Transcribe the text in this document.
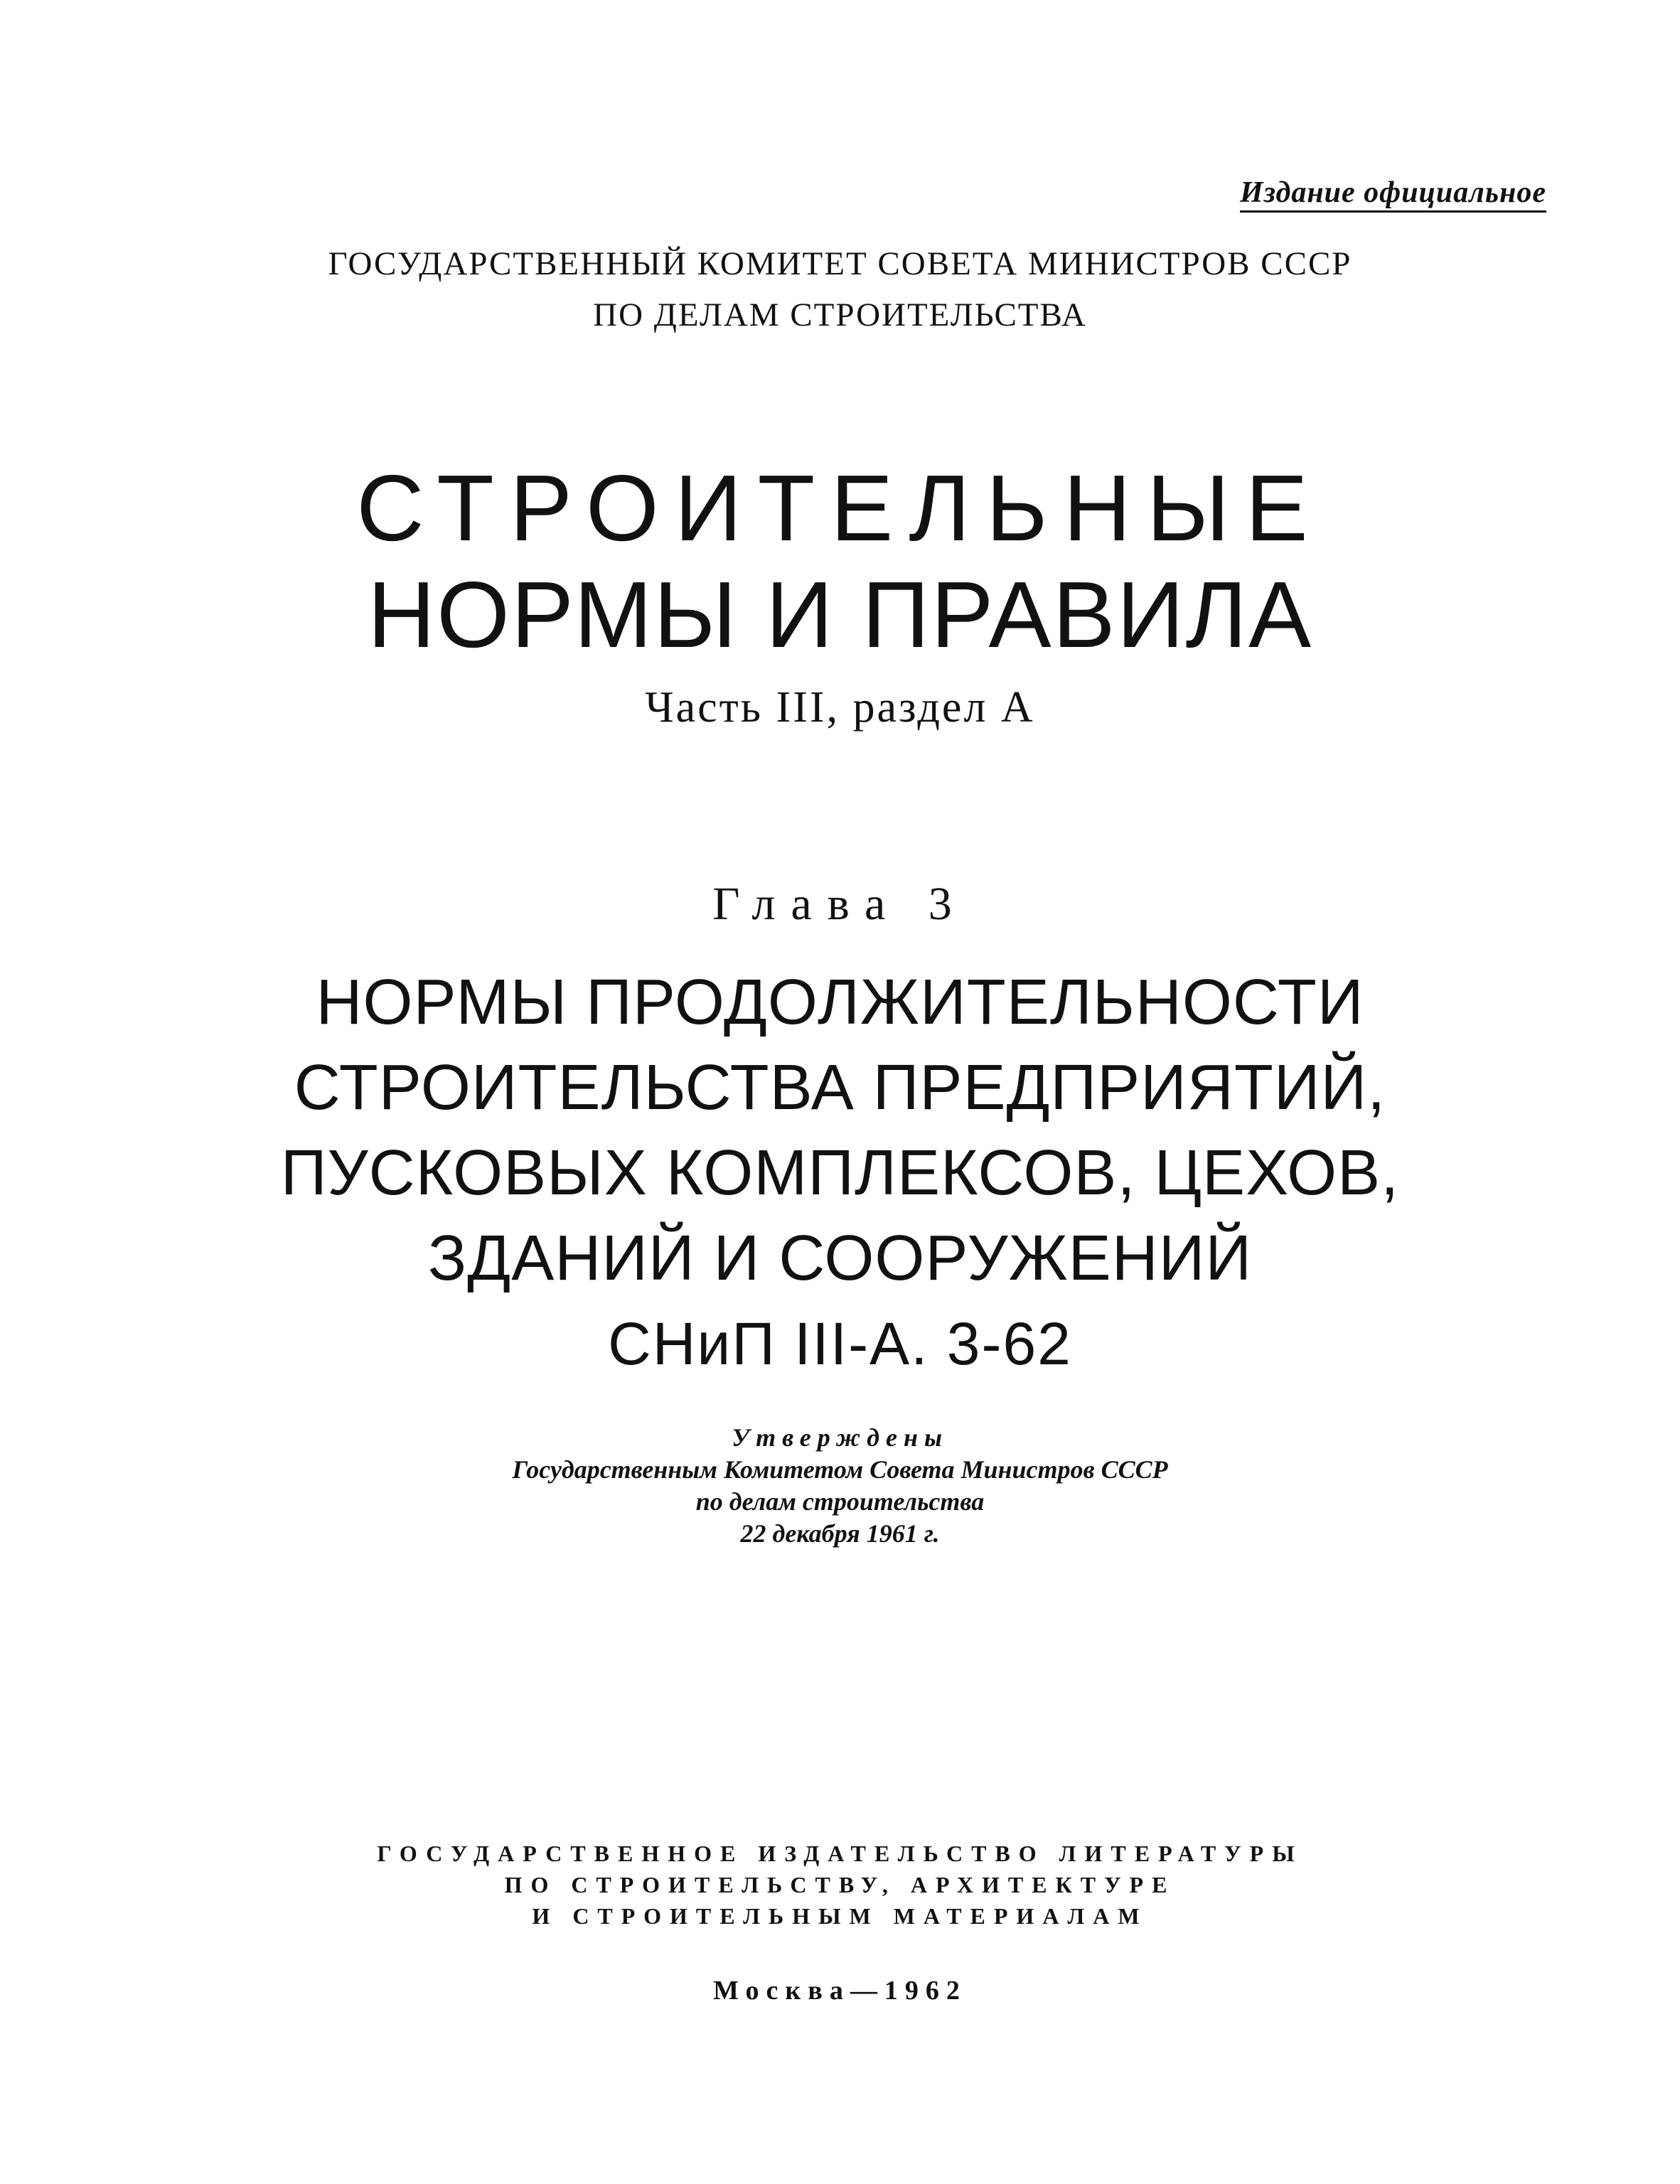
Издание официальное
ГОСУДАРСТВЕННЫЙ КОМИТЕТ СОВЕТА МИНИСТРОВ СССР
ПО ДЕЛАМ СТРОИТЕЛЬСТВА
СТРОИТЕЛЬНЫЕ
НОРМЫ И ПРАВИЛА
Часть III, раздел А
Глава 3
НОРМЫ ПРОДОЛЖИТЕЛЬНОСТИ
СТРОИТЕЛЬСТВА ПРЕДПРИЯТИЙ,
ПУСКОВЫХ КОМПЛЕКСОВ, ЦЕХОВ,
ЗДАНИЙ И СООРУЖЕНИЙ
СНиП III-А. 3-62
Утверждены
Государственным Комитетом Совета Министров СССР
по делам строительства
22 декабря 1961 г.
ГОСУДАРСТВЕННОЕ ИЗДАТЕЛЬСТВО ЛИТЕРАТУРЫ
ПО СТРОИТЕЛЬСТВУ, АРХИТЕКТУРЕ
И СТРОИТЕЛЬНЫМ МАТЕРИАЛАМ
Москва—1962
